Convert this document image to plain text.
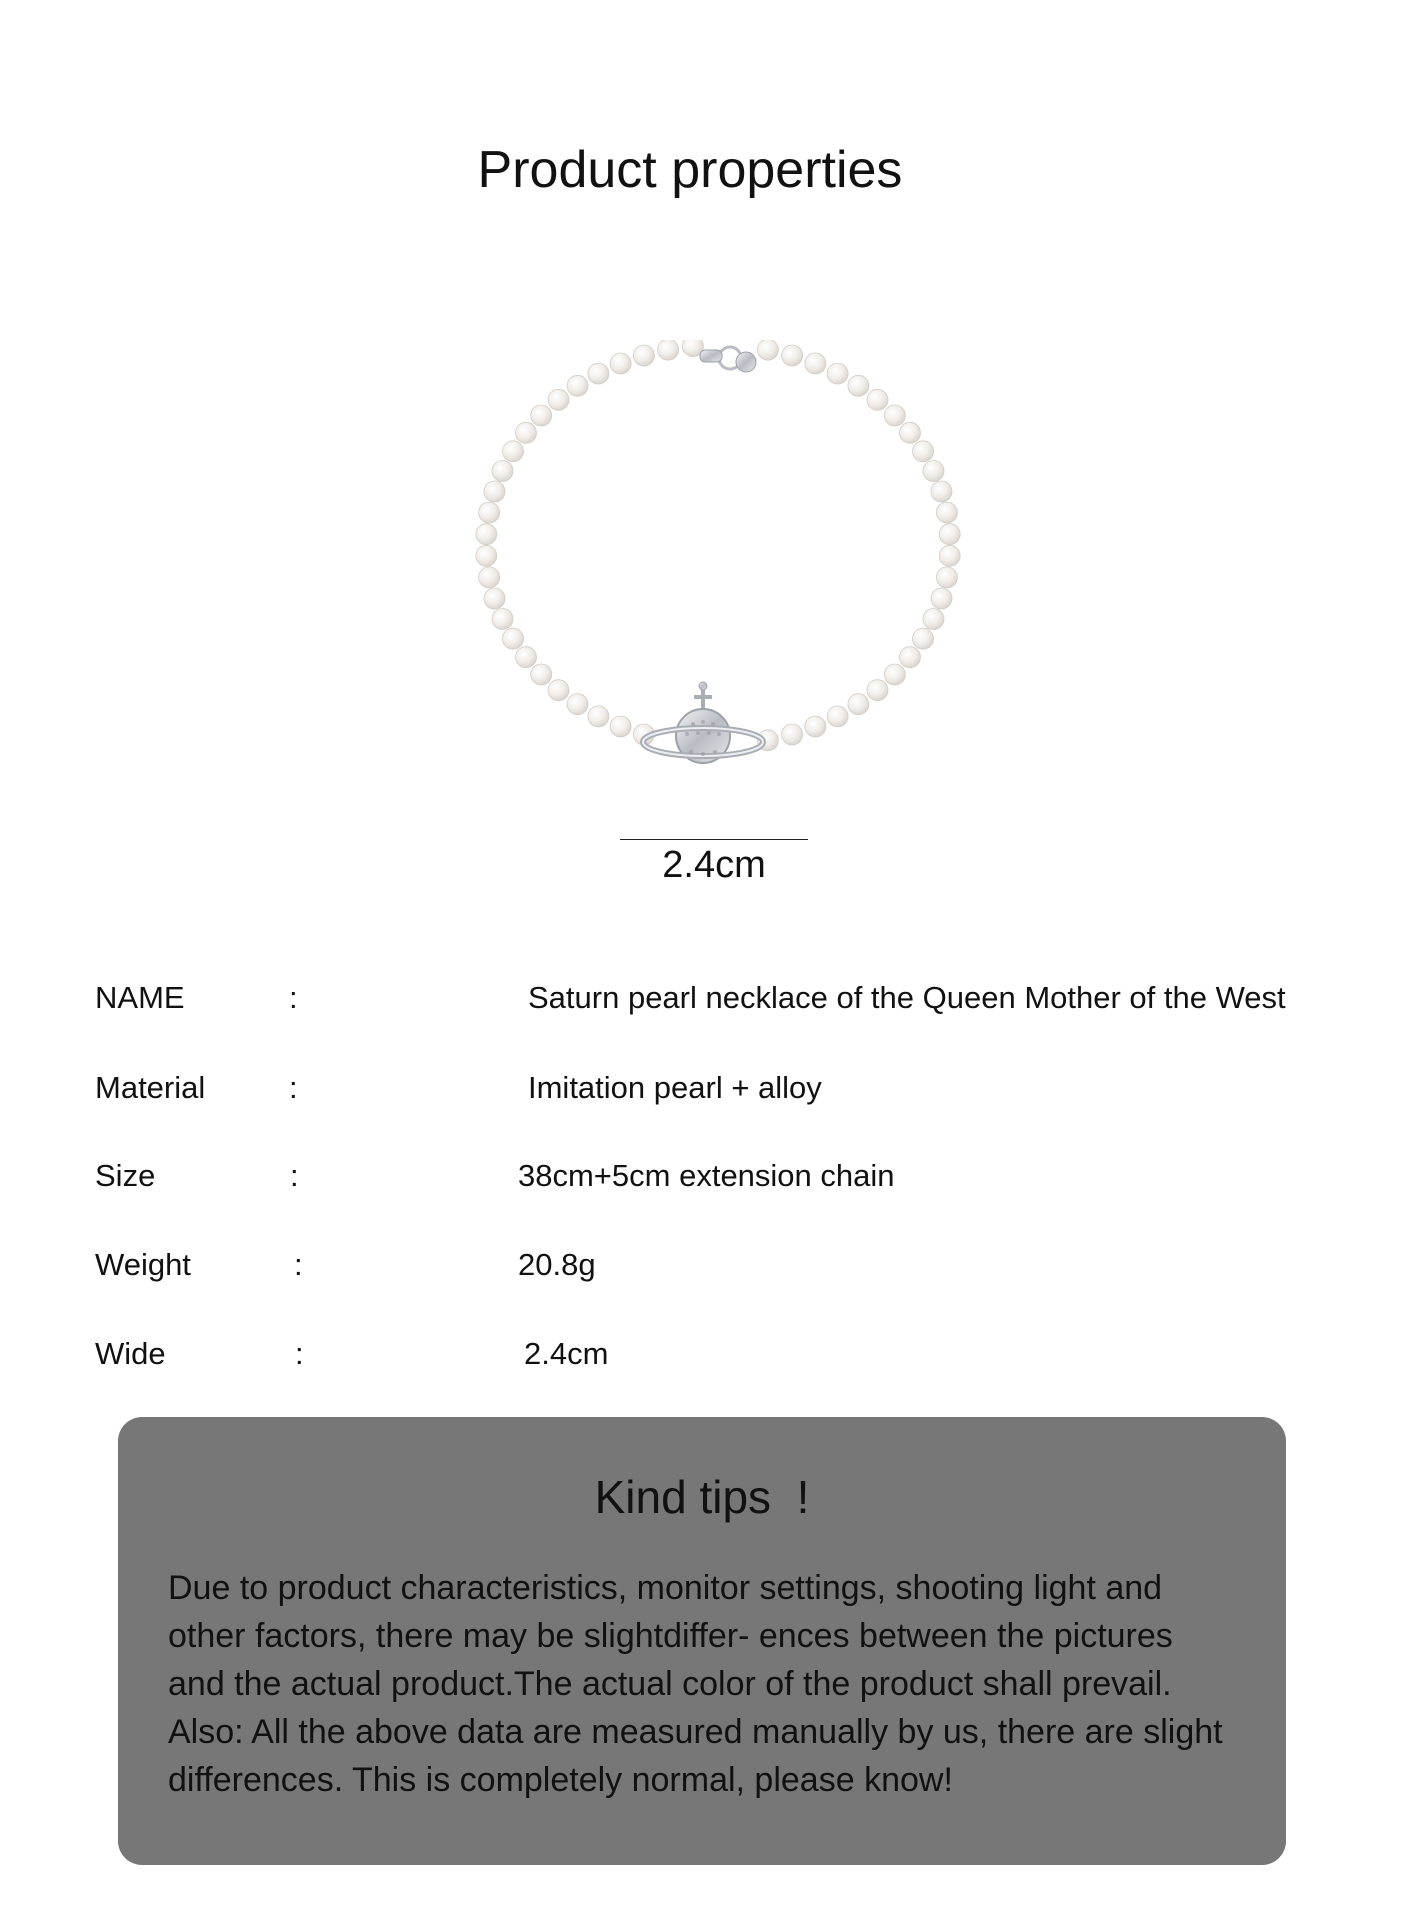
Product properties
2.4cm
NAME	:	Saturn pearl necklace of the Queen Mother of the West
Material	:	Imitation pearl + alloy
Size	:	38cm+5cm extension chain
Weight	:	20.8g
Wide	:	2.4cm
Kind tips  !
Due to product characteristics, monitor settings, shooting light and
other factors, there may be slightdiffer- ences between the pictures
and the actual product.The actual color of the product shall prevail.
Also: All the above data are measured manually by us, there are slight
differences. This is completely normal, please know!
